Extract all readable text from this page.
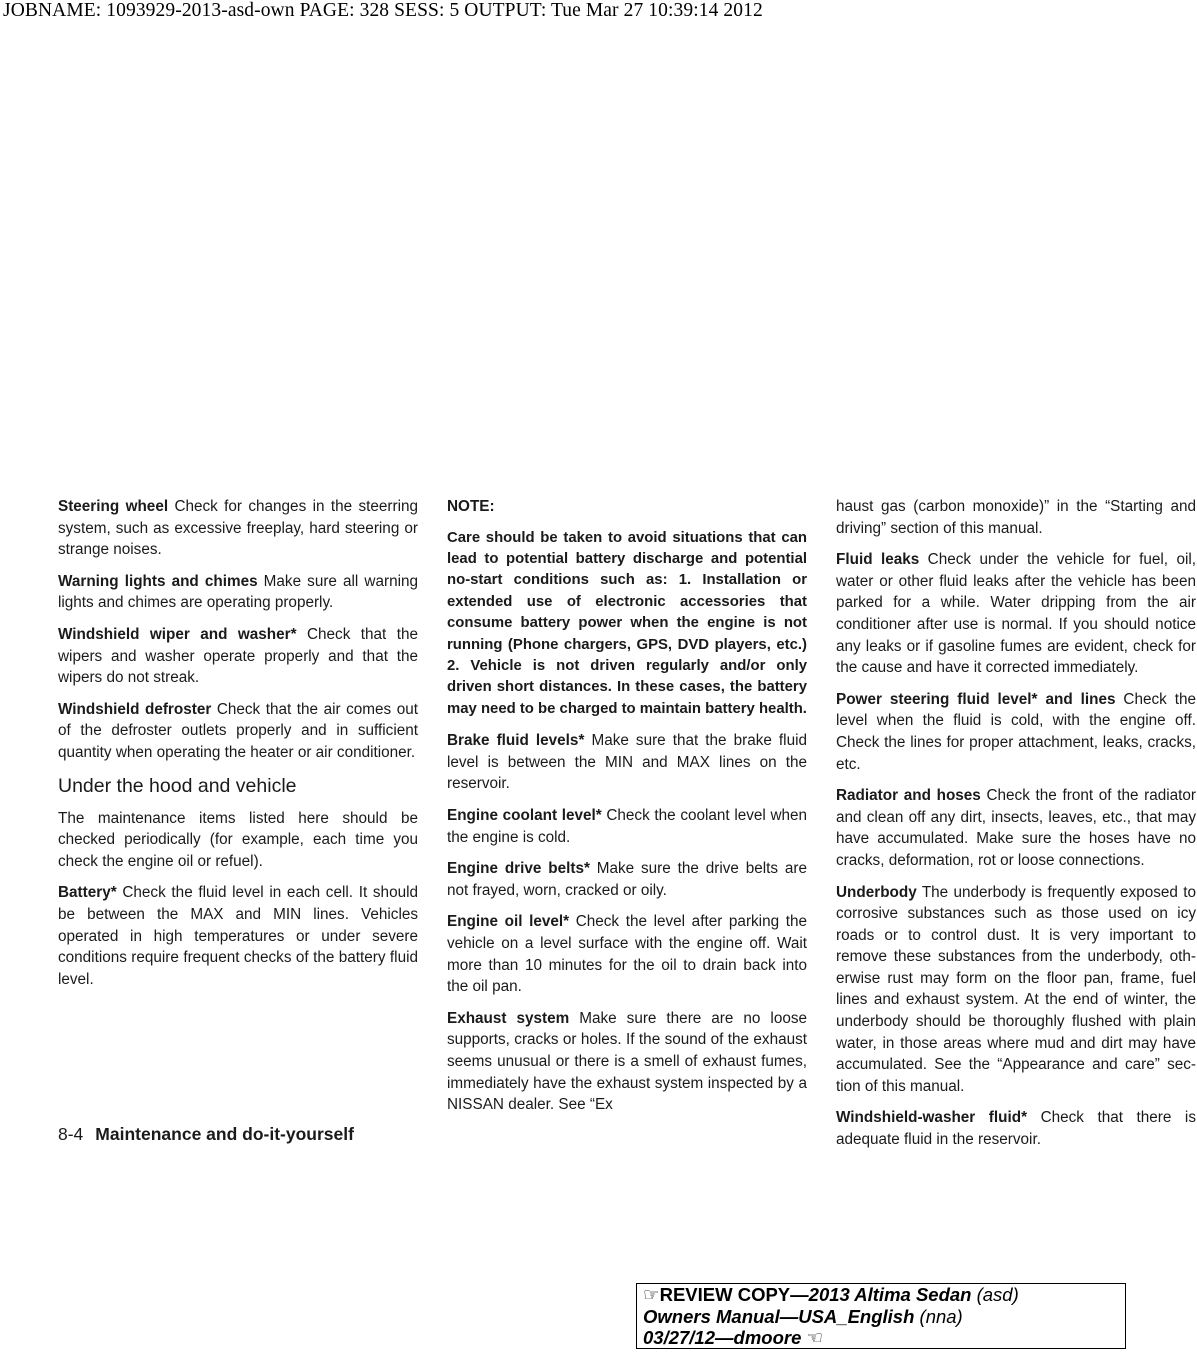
JOBNAME: 1093929-2013-asd-own PAGE: 328 SESS: 5 OUTPUT: Tue Mar 27 10:39:14 2012

Steering wheel Check for changes in the steerring system, such as excessive freeplay, hard steering or strange noises.

Warning lights and chimes Make sure all warning lights and chimes are operating properly.

Windshield wiper and washer* Check that the wipers and washer operate properly and that the wipers do not streak.

Windshield defroster Check that the air comes out of the defroster outlets properly and in sufficient quantity when operating the heater or air conditioner.

Under the hood and vehicle

The maintenance items listed here should be checked periodically (for example, each time you check the engine oil or refuel).

Battery* Check the fluid level in each cell. It should be between the MAX and MIN lines. Vehicles operated in high temperatures or under severe conditions require frequent checks of the battery fluid level.

NOTE:

Care should be taken to avoid situations that can lead to potential battery discharge and potential no-start conditions such as: 1. Installation or extended use of electronic accessories that consume battery power when the engine is not running (Phone chargers, GPS, DVD players, etc.) 2. Vehicle is not driven regularly and/or only driven short distances. In these cases, the battery may need to be charged to maintain battery health.

Brake fluid levels* Make sure that the brake fluid level is between the MIN and MAX lines on the reservoir.

Engine coolant level* Check the coolant level when the engine is cold.

Engine drive belts* Make sure the drive belts are not frayed, worn, cracked or oily.

Engine oil level* Check the level after parking the vehicle on a level surface with the engine off. Wait more than 10 minutes for the oil to drain back into the oil pan.

Exhaust system Make sure there are no loose supports, cracks or holes. If the sound of the exhaust seems unusual or there is a smell of exhaust fumes, immediately have the exhaust system inspected by a NISSAN dealer. See “Ex

haust gas (carbon monoxide)” in the “Starting and driving” section of this manual.

Fluid leaks Check under the vehicle for fuel, oil, water or other fluid leaks after the vehicle has been parked for a while. Water dripping from the air conditioner after use is normal. If you should notice any leaks or if gasoline fumes are evident, check for the cause and have it corrected immediately.

Power steering fluid level* and lines Check the level when the fluid is cold, with the engine off. Check the lines for proper attachment, leaks, cracks, etc.

Radiator and hoses Check the front of the radiator and clean off any dirt, insects, leaves, etc., that may have accumulated. Make sure the hoses have no cracks, deformation, rot or loose connections.

Underbody The underbody is frequently exposed to corrosive substances such as those used on icy roads or to control dust. It is very important to remove these substances from the underbody, otherwise rust may form on the floor pan, frame, fuel lines and exhaust system. At the end of winter, the underbody should be thoroughly flushed with plain water, in those areas where mud and dirt may have accumulated. See the “Appearance and care” section of this manual.

Windshield-washer fluid* Check that there is adequate fluid in the reservoir.

8-4 Maintenance and do-it-yourself
☞REVIEW COPY—2013 Altima Sedan (asd)
Owners Manual—USA_English (nna)
03/27/12—dmoore ☜
